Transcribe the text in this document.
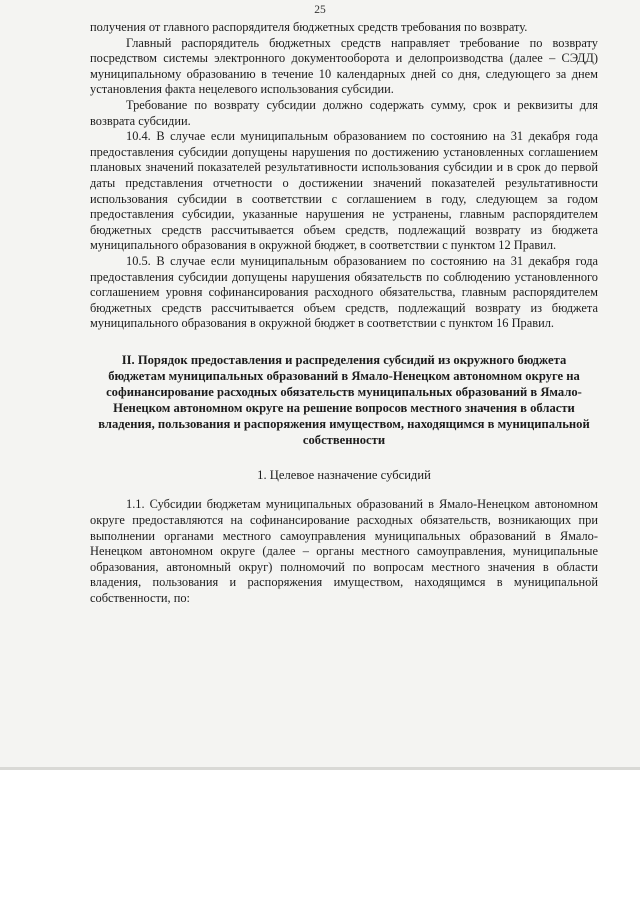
25

получения от главного распорядителя бюджетных средств требования по возврату.

Главный распорядитель бюджетных средств направляет требование по возврату посредством системы электронного документооборота и делопроизводства (далее – СЭДД) муниципальному образованию в течение 10 календарных дней со дня, следующего за днем установления факта нецелевого использования субсидии.

Требование по возврату субсидии должно содержать сумму, срок и реквизиты для возврата субсидии.

10.4. В случае если муниципальным образованием по состоянию на 31 декабря года предоставления субсидии допущены нарушения по достижению установленных соглашением плановых значений показателей результативности использования субсидии и в срок до первой даты представления отчетности о достижении значений показателей результативности использования субсидии в соответствии с соглашением в году, следующем за годом предоставления субсидии, указанные нарушения не устранены, главным распорядителем бюджетных средств рассчитывается объем средств, подлежащий возврату из бюджета муниципального образования в окружной бюджет, в соответствии с пунктом 12 Правил.

10.5. В случае если муниципальным образованием по состоянию на 31 декабря года предоставления субсидии допущены нарушения обязательств по соблюдению установленного соглашением уровня софинансирования расходного обязательства, главным распорядителем бюджетных средств рассчитывается объем средств, подлежащий возврату из бюджета муниципального образования в окружной бюджет в соответствии с пунктом 16 Правил.

II. Порядок предоставления и распределения субсидий из окружного бюджета бюджетам муниципальных образований в Ямало-Ненецком автономном округе на софинансирование расходных обязательств муниципальных образований в Ямало-Ненецком автономном округе на решение вопросов местного значения в области владения, пользования и распоряжения имуществом, находящимся в муниципальной собственности
1. Целевое назначение субсидий

1.1. Субсидии бюджетам муниципальных образований в Ямало-Ненецком автономном округе предоставляются на софинансирование расходных обязательств, возникающих при выполнении органами местного самоуправления муниципальных образований в Ямало-Ненецком автономном округе (далее – органы местного самоуправления, муниципальные образования, автономный округ) полномочий по вопросам местного значения в области владения, пользования и распоряжения имуществом, находящимся в муниципальной собственности, по:
